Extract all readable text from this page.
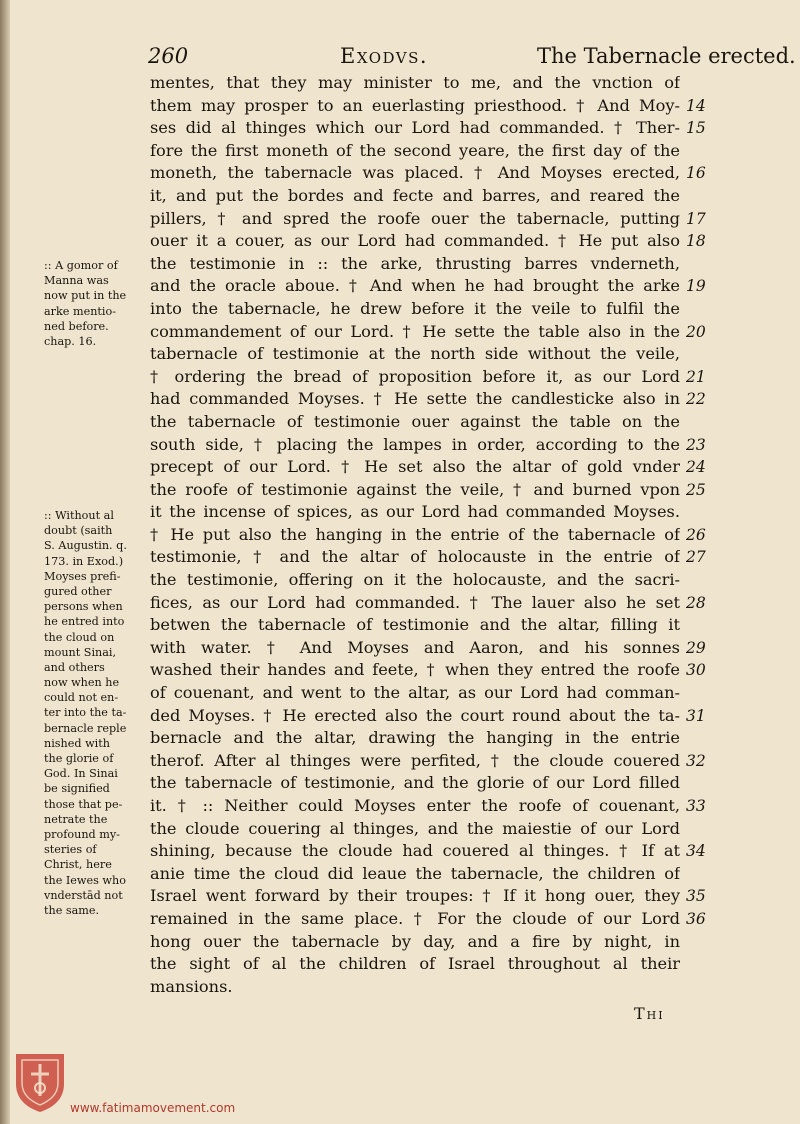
260	Exodvs.	The Tabernacle erected.
mentes, that they may minister to me, and the vnction of
them may prosper to an euerlasting priesthood. † And Moy-
ses did al thinges which our Lord had commanded. † Ther-
fore the first moneth of the second yeare, the first day of the
moneth, the tabernacle was placed. † And Moyses erected,
it, and put the bordes and fecte and barres, and reared the
pillers, † and spred the roofe ouer the tabernacle, putting
ouer it a couer, as our Lord had commanded. † He put also
the testimonie in :: the arke, thrusting barres vnderneth,
and the oracle aboue. † And when he had brought the arke
into the tabernacle, he drew before it the veile to fulfil the
commandement of our Lord. † He sette the table also in the
tabernacle of testimonie at the north side without the veile,
† ordering the bread of proposition before it, as our Lord
had commanded Moyses. † He sette the candlesticke also in
the tabernacle of testimonie ouer against the table on the
south side, † placing the lampes in order, according to the
precept of our Lord. † He set also the altar of gold vnder
the roofe of testimonie against the veile, † and burned vpon
it the incense of spices, as our Lord had commanded Moyses.
† He put also the hanging in the entrie of the tabernacle of
testimonie, † and the altar of holocauste in the entrie of
the testimonie, offering on it the holocauste, and the sacri-
fices, as our Lord had commanded. † The lauer also he set
betwen the tabernacle of testimonie and the altar, filling it
with water. † And Moyses and Aaron, and his sonnes
washed their handes and feete, † when they entred the roofe
of couenant, and went to the altar, as our Lord had comman-
ded Moyses. † He erected also the court round about the ta-
bernacle and the altar, drawing the hanging in the entrie
therof. After al thinges were perfited, † the cloude couered
the tabernacle of testimonie, and the glorie of our Lord filled
it. † :: Neither could Moyses enter the roofe of couenant,
the cloude couering al thinges, and the maiestie of our Lord
shining, because the cloude had couered al thinges. † If at
anie time the cloud did leaue the tabernacle, the children of
Israel went forward by their troupes: † If it hong ouer, they
remained in the same place. † For the cloude of our Lord
hong ouer the tabernacle by day, and a fire by night, in
the sight of al the children of Israel throughout al their
mansions.
14
15
16
17
18
19
20
21
22
23
24
25
26
27
28
29
30
31
32
33
34
35
36
:: A gomor of
Manna was
now put in the
arke mentio-
ned before.
chap. 16.
:: Without al
doubt (saith
S. Augustin. q.
173. in Exod.)
Moyses prefi-
gured other
persons when
he entred into
the cloud on
mount Sinai,
and others
now when he
could not en-
ter into the ta-
bernacle reple
nished with
the glorie of
God. In Sinai
be signified
those that pe-
netrate the
profound my-
steries of
Christ, here
the Iewes who
vnderstād not
the same.
Thi
www.fatimamovement.com
